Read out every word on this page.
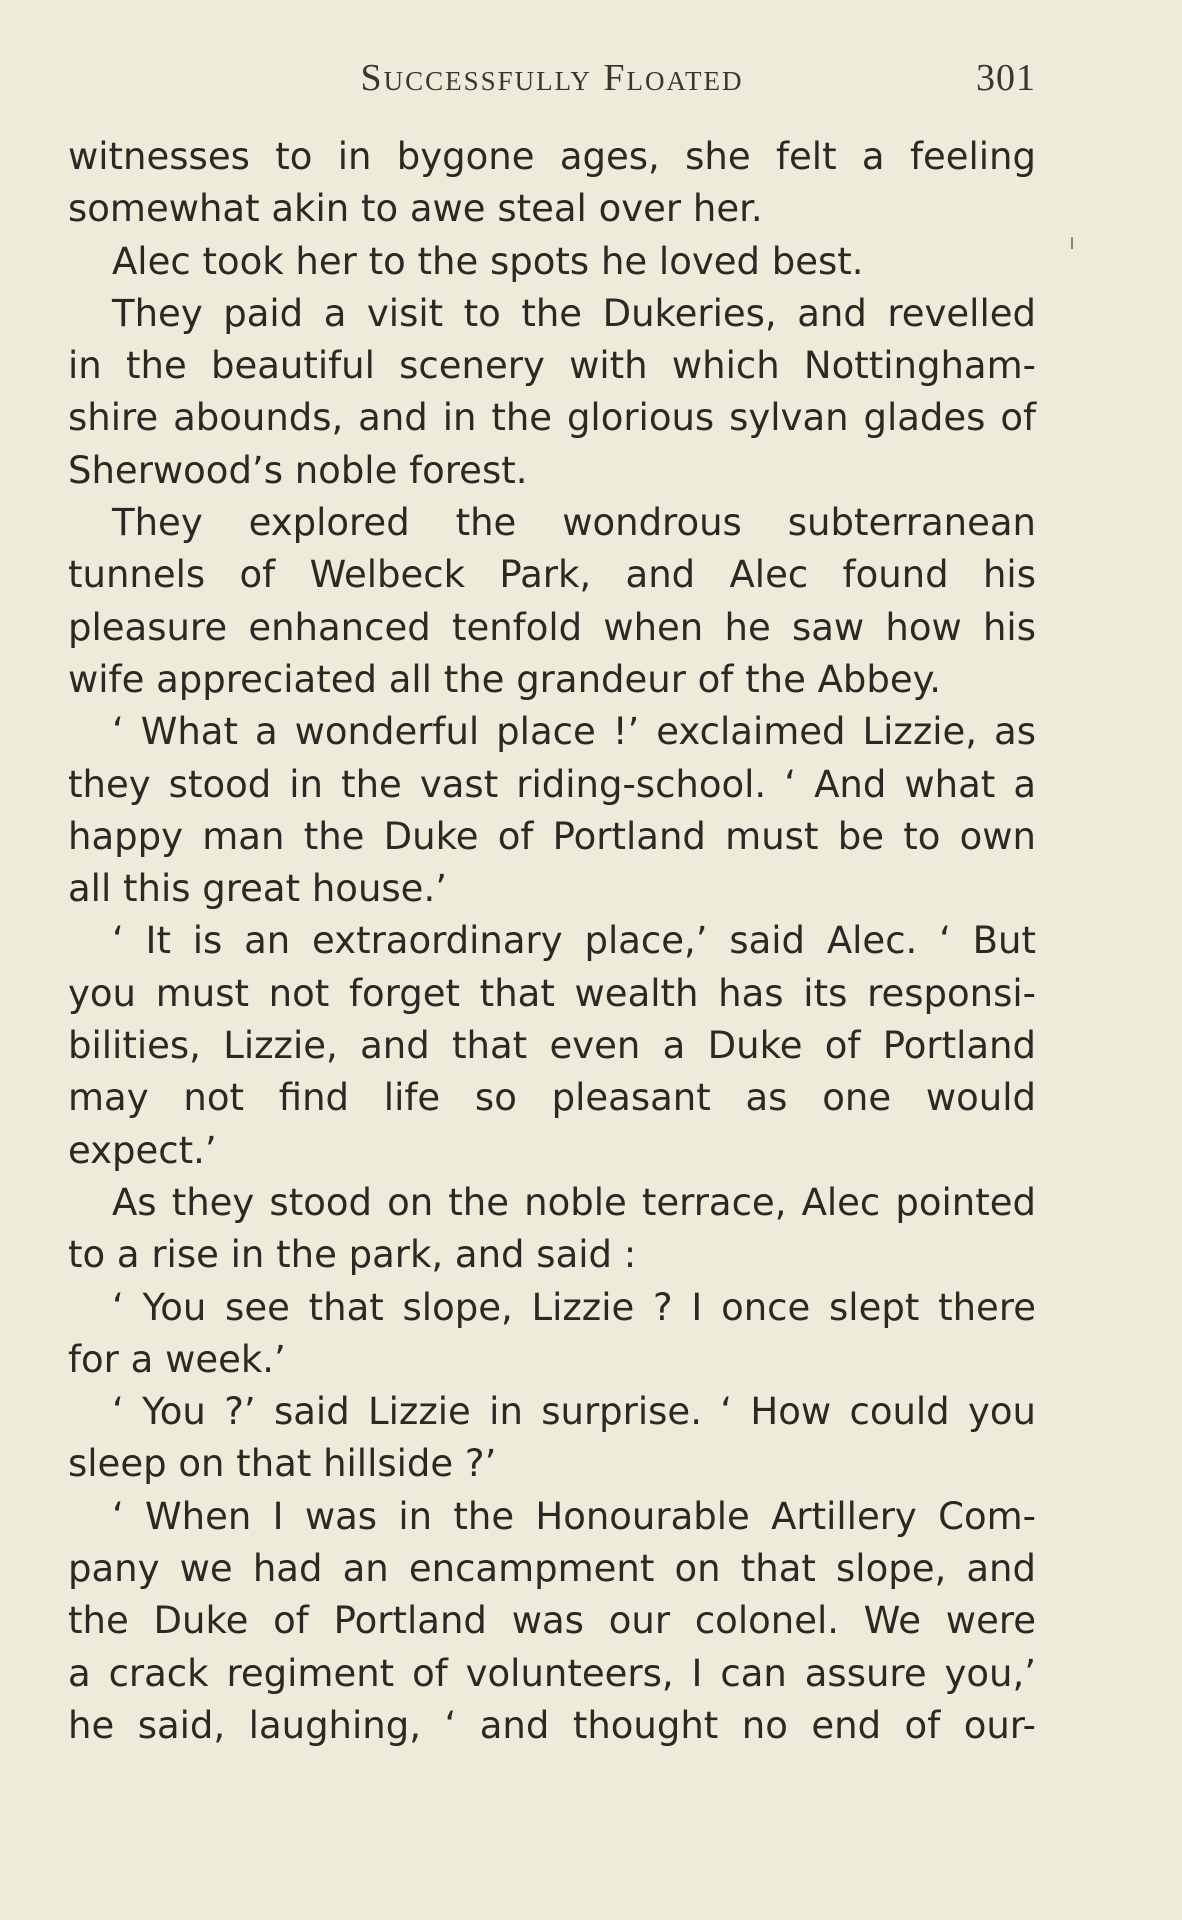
Successfully Floated	301
witnesses to in bygone ages, she felt a feeling
somewhat akin to awe steal over her.
Alec took her to the spots he loved best.
They paid a visit to the Dukeries, and revelled
in the beautiful scenery with which Nottingham-
shire abounds, and in the glorious sylvan glades of
Sherwood’s noble forest.
They explored the wondrous subterranean
tunnels of Welbeck Park, and Alec found his
pleasure enhanced tenfold when he saw how his
wife appreciated all the grandeur of the Abbey.
‘ What a wonderful place !’ exclaimed Lizzie, as
they stood in the vast riding-school. ‘ And what a
happy man the Duke of Portland must be to own
all this great house.’
‘ It is an extraordinary place,’ said Alec. ‘ But
you must not forget that wealth has its responsi-
bilities, Lizzie, and that even a Duke of Portland
may not find life so pleasant as one would
expect.’
As they stood on the noble terrace, Alec pointed
to a rise in the park, and said :
‘ You see that slope, Lizzie ? I once slept there
for a week.’
‘ You ?’ said Lizzie in surprise. ‘ How could you
sleep on that hillside ?’
‘ When I was in the Honourable Artillery Com-
pany we had an encampment on that slope, and
the Duke of Portland was our colonel. We were
a crack regiment of volunteers, I can assure you,’
he said, laughing, ‘ and thought no end of our-
